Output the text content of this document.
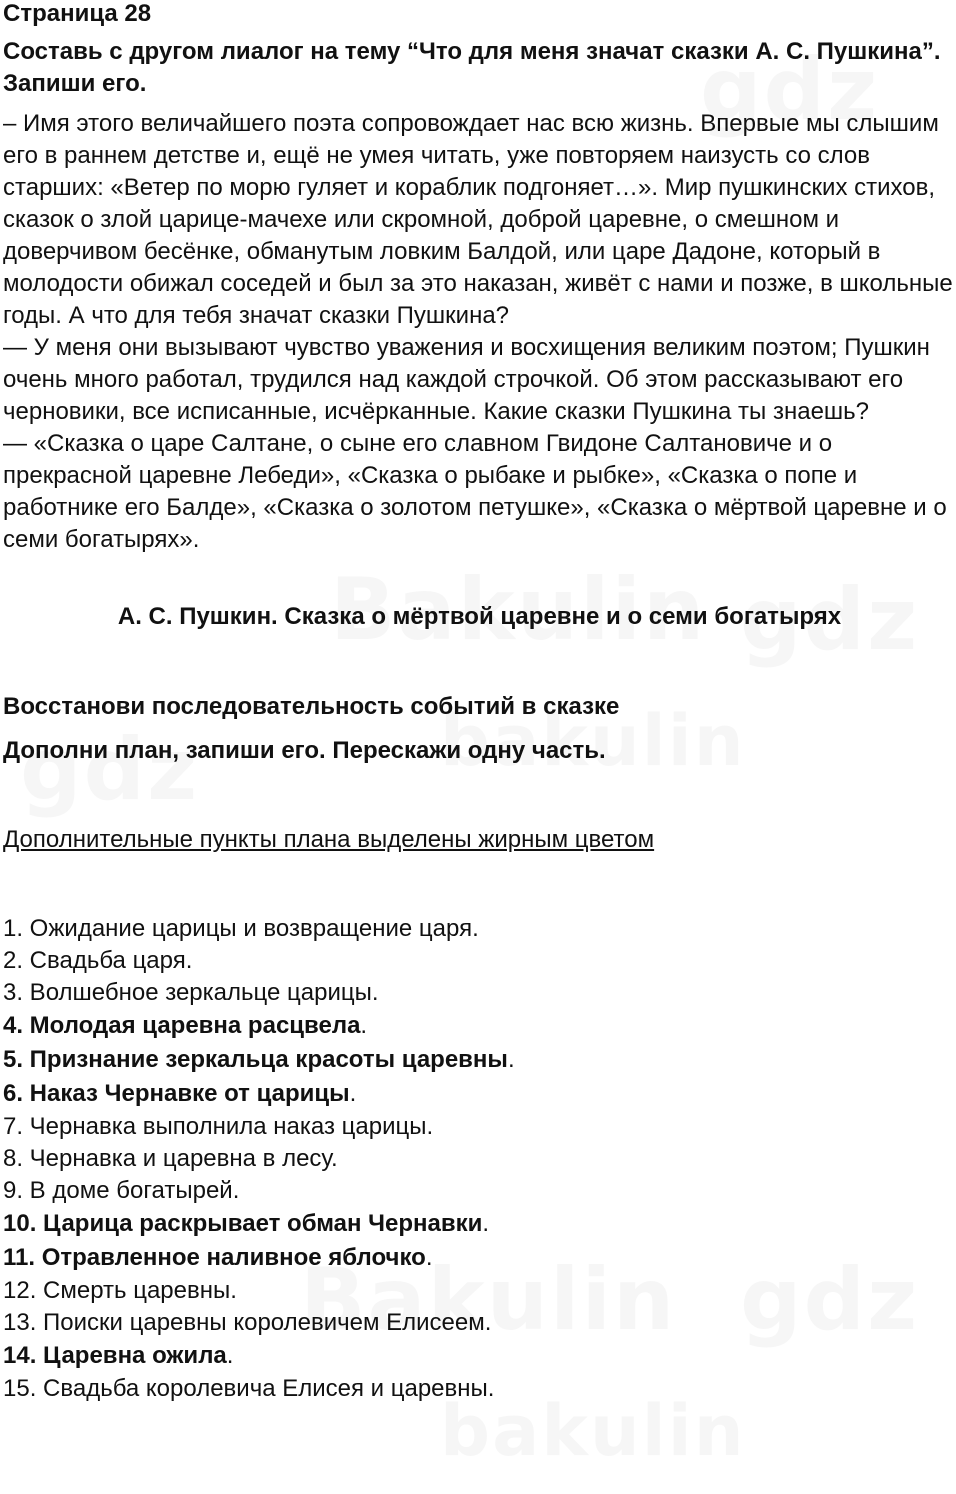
Страница 28

Составь с другом лиалог на тему “Что для меня значат сказки А. С. Пушкина”. Запиши его.

– Имя этого величайшего поэта сопровождает нас всю жизнь. Впервые мы слышим его в раннем детстве и, ещё не умея читать, уже повторяем наизусть со слов старших: «Ветер по морю гуляет и кораблик подгоняет…». Мир пушкинских стихов, сказок о злой царице-мачехе или скромной, доброй царевне, о смешном и доверчивом бесёнке, обманутым ловким Балдой, или царе Дадоне, который в молодости обижал соседей и был за это наказан, живёт с нами и позже, в школьные годы. А что для тебя значат сказки Пушкина?
— У меня они вызывают чувство уважения и восхищения великим поэтом; Пушкин очень много работал, трудился над каждой строчкой. Об этом рассказывают его черновики, все исписанные, исчёрканные. Какие сказки Пушкина ты знаешь?
— «Сказка о царе Салтане, о сыне его славном Гвидоне Салтановиче и о прекрасной царевне Лебеди», «Сказка о рыбаке и рыбке», «Сказка о попе и работнике его Балде», «Сказка о золотом петушке», «Сказка о мёртвой царевне и о семи богатырях».

А. С. Пушкин. Сказка о мёртвой царевне и о семи богатырях

Восстанови последовательность событий в сказке

Дополни план, запиши его. Перескажи одну часть.

Дополнительные пункты плана выделены жирным цветом

1. Ожидание царицы и возвращение царя.
2. Свадьба царя.
3. Волшебное зеркальце царицы.
4. Молодая царевна расцвела.
5. Признание зеркальца красоты царевны.
6. Наказ Чернавке от царицы.
7. Чернавка выполнила наказ царицы.
8. Чернавка и царевна в лесу.
9. В доме богатырей.
10. Царица раскрывает обман Чернавки.
11. Отравленное наливное яблочко.
12. Смерть царевны.
13. Поиски царевны королевичем Елисеем.
14. Царевна ожила.
15. Свадьба королевича Елисея и царевны.
